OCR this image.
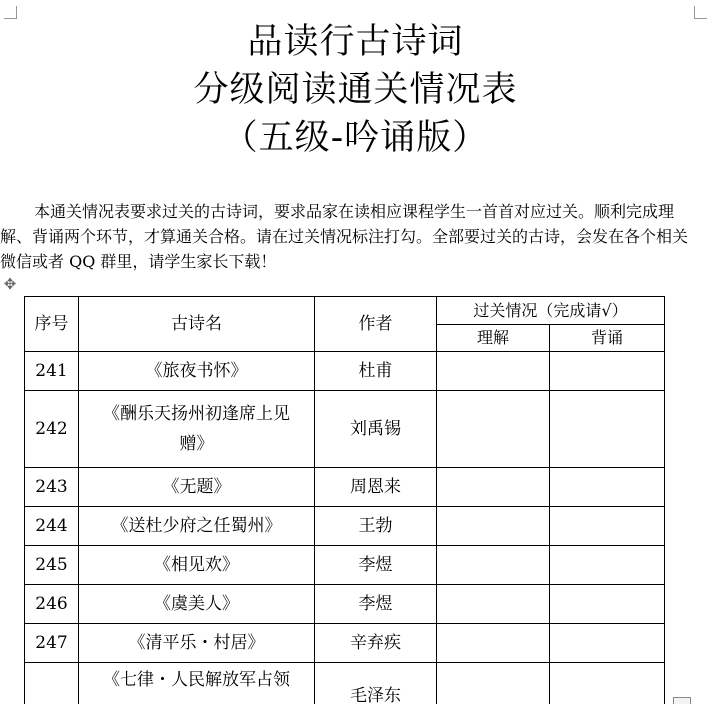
品读行古诗词
分级阅读通关情况表
（五级-吟诵版）

本通关情况表要求过关的古诗词，要求品家在读相应课程学生一首首对应过关。顺利完成理解、背诵两个环节，才算通关合格。请在过关情况标注打勾。全部要过关的古诗，会发在各个相关微信或者 QQ 群里，请学生家长下载！

✥
序号	古诗名	作者	过关情况（完成请√）	
			理解	背诵
241	《旅夜书怀》	杜甫		
242	《酬乐天扬州初逢席上见赠》	刘禹锡		
243	《无题》	周恩来		
244	《送杜少府之任蜀州》	王勃		
245	《相见欢》	李煜		
246	《虞美人》	李煜		
247	《清平乐・村居》	辛弃疾		
	《七律・人民解放军占领	毛泽东		
